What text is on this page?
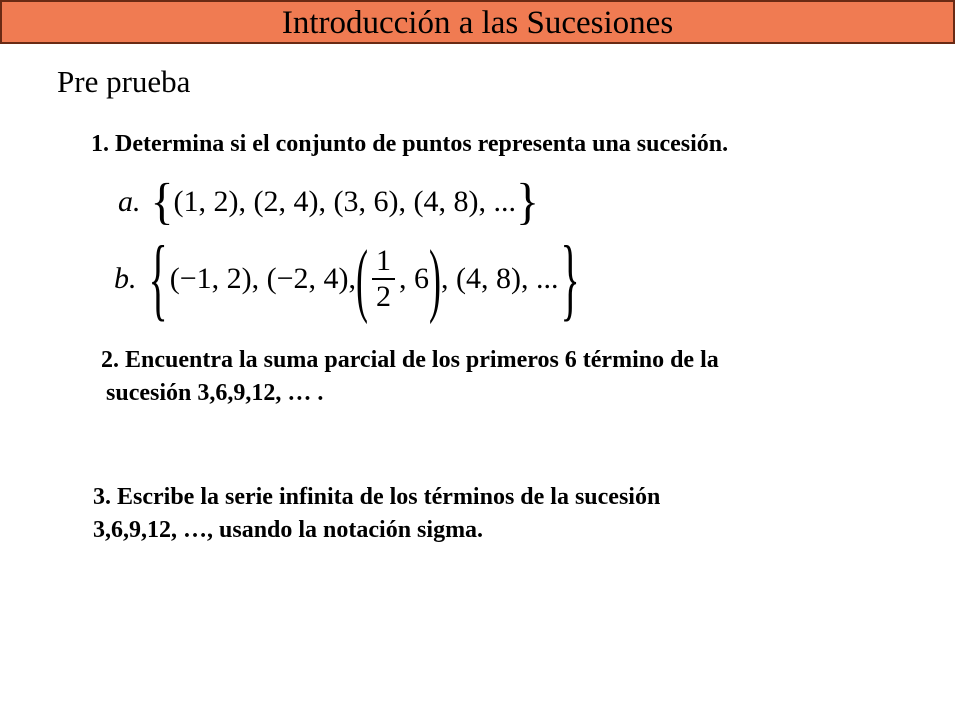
Introducción a las Sucesiones
Pre prueba
1. Determina si el conjunto de puntos representa una sucesión.
a. { (1, 2), (2, 4), (3, 6), (4, 8), ... }
b. { (−1, 2), (−2, 4), ( $\frac{1}{2}$ , 6 ) , (4, 8), ... }
2. Encuentra la suma parcial de los primeros 6 término de la
sucesión 3,6,9,12, … .
3. Escribe la serie infinita de los términos de la sucesión
3,6,9,12, …, usando la notación sigma.
